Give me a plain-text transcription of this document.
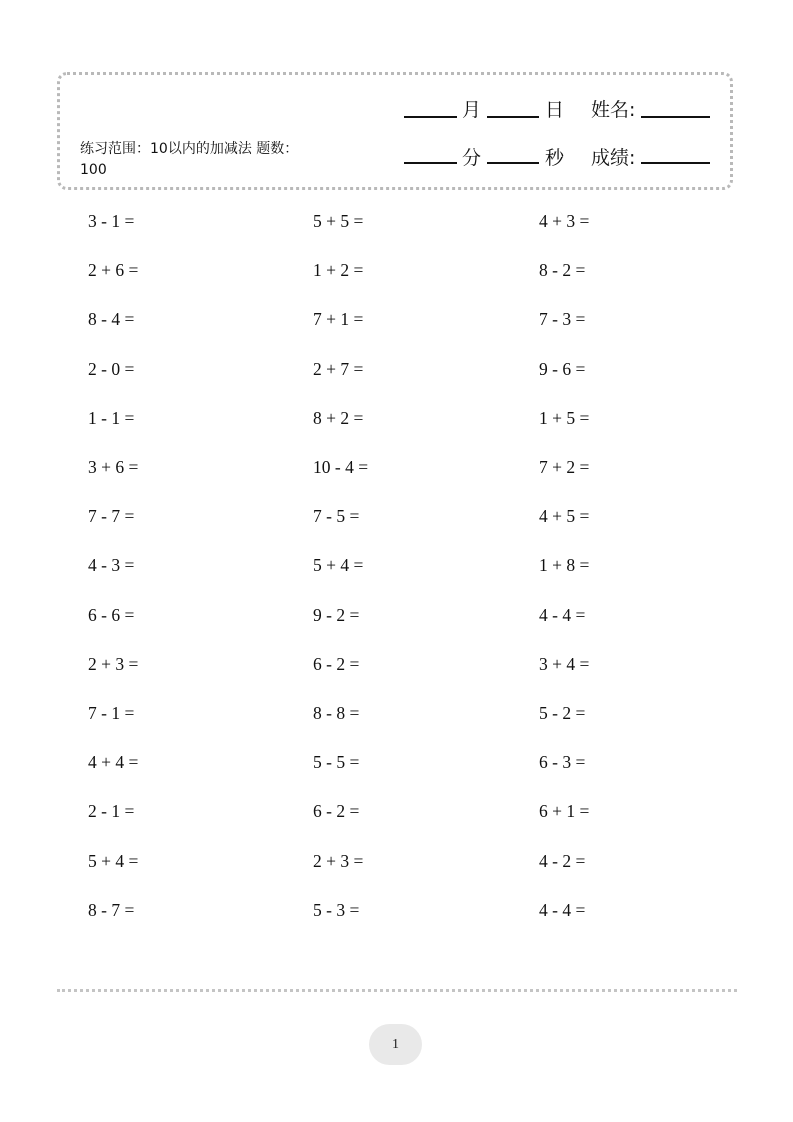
练习范围：10以内的加减法 题数：100
月	日 姓名:
分	秒 成绩:
3 - 1 =	5 + 5 =	4 + 3 =
2 + 6 =	1 + 2 =	8 - 2 =
8 - 4 =	7 + 1 =	7 - 3 =
2 - 0 =	2 + 7 =	9 - 6 =
1 - 1 =	8 + 2 =	1 + 5 =
3 + 6 =	10 - 4 =	7 + 2 =
7 - 7 =	7 - 5 =	4 + 5 =
4 - 3 =	5 + 4 =	1 + 8 =
6 - 6 =	9 - 2 =	4 - 4 =
2 + 3 =	6 - 2 =	3 + 4 =
7 - 1 =	8 - 8 =	5 - 2 =
4 + 4 =	5 - 5 =	6 - 3 =
2 - 1 =	6 - 2 =	6 + 1 =
5 + 4 =	2 + 3 =	4 - 2 =
8 - 7 =	5 - 3 =	4 - 4 =
1
